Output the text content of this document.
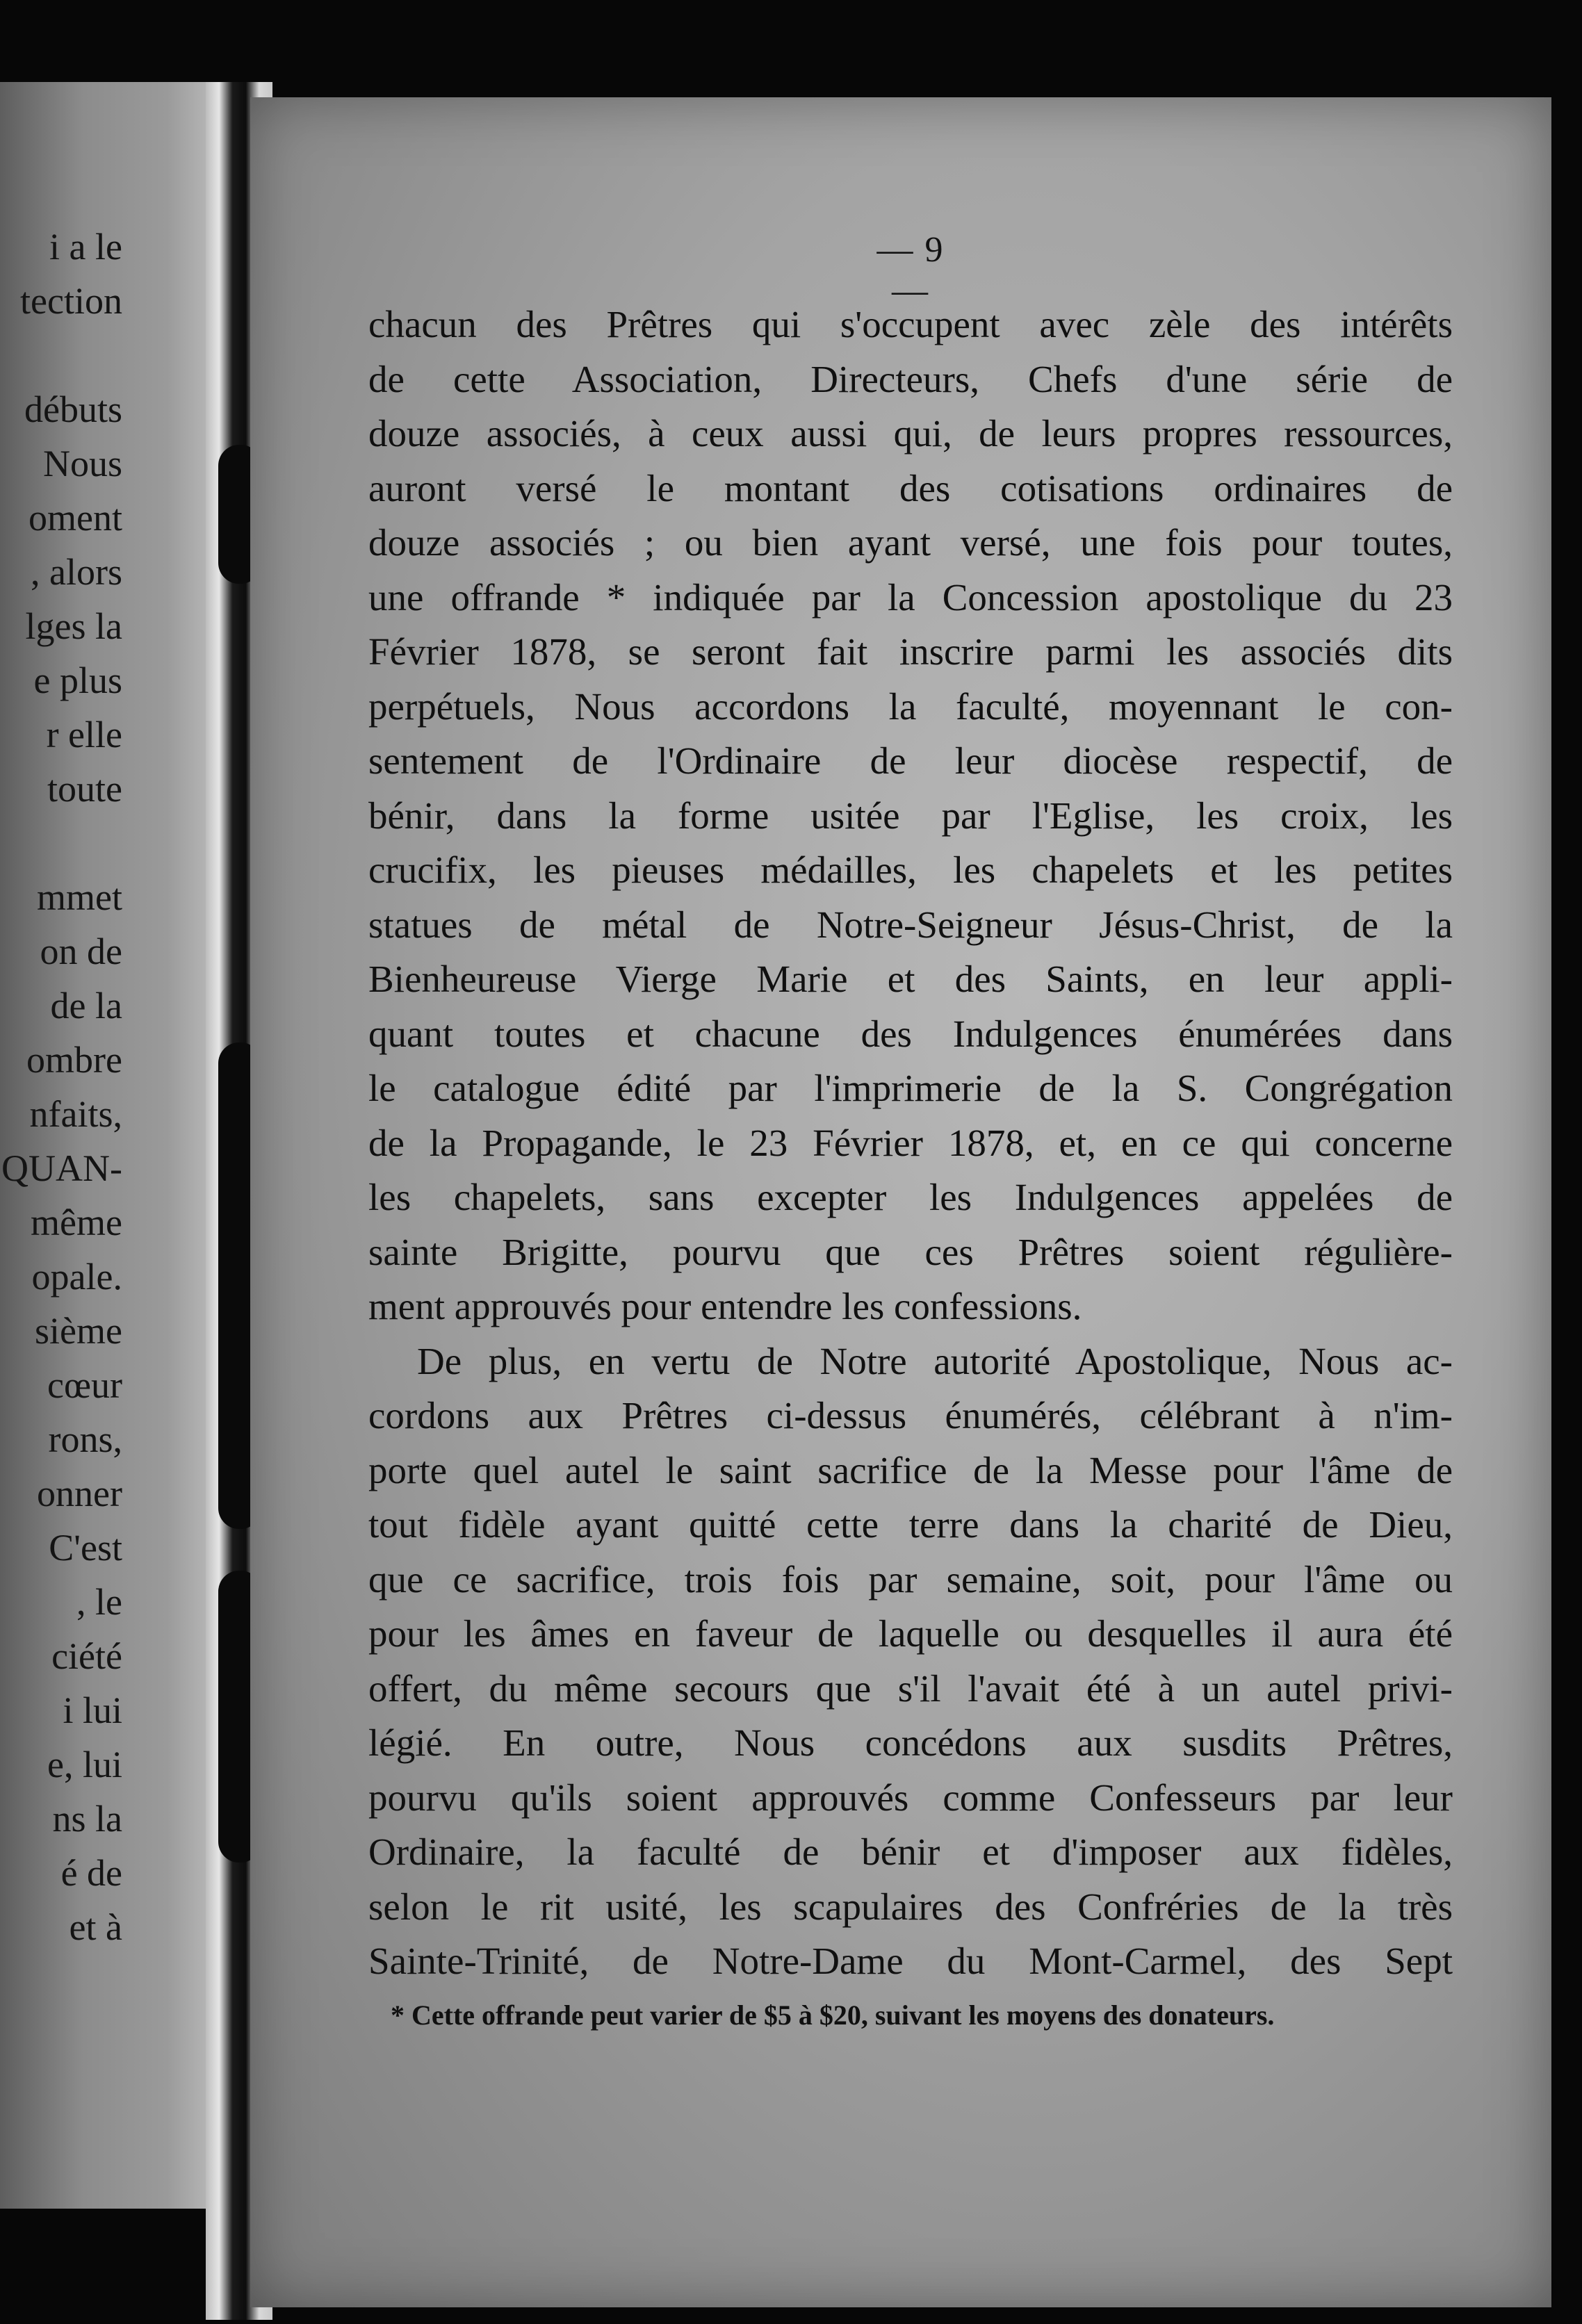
i a le
tection
débuts
Nous
oment
, alors
lges la
e plus
r elle
toute
mmet
on de
de la
ombre
nfaits,
QUAN-
même
opale.
sième
cœur
rons,
onner
C'est
, le
ciété
i lui
e, lui
ns la
é de
et à
— 9 —
chacun des Prêtres qui s'occupent avec zèle des intérêts
de cette Association, Directeurs, Chefs d'une série de
douze associés, à ceux aussi qui, de leurs propres ressources,
auront versé le montant des cotisations ordinaires de
douze associés ; ou bien ayant versé, une fois pour toutes,
une offrande * indiquée par la Concession apostolique du 23
Février 1878, se seront fait inscrire parmi les associés dits
perpétuels, Nous accordons la faculté, moyennant le con-
sentement de l'Ordinaire de leur diocèse respectif, de
bénir, dans la forme usitée par l'Eglise, les croix, les
crucifix, les pieuses médailles, les chapelets et les petites
statues de métal de Notre-Seigneur Jésus-Christ, de la
Bienheureuse Vierge Marie et des Saints, en leur appli-
quant toutes et chacune des Indulgences énumérées dans
le catalogue édité par l'imprimerie de la S. Congrégation
de la Propagande, le 23 Février 1878, et, en ce qui concerne
les chapelets, sans excepter les Indulgences appelées de
sainte Brigitte, pourvu que ces Prêtres soient régulière-
ment approuvés pour entendre les confessions.
De plus, en vertu de Notre autorité Apostolique, Nous ac-
cordons aux Prêtres ci-dessus énumérés, célébrant à n'im-
porte quel autel le saint sacrifice de la Messe pour l'âme de
tout fidèle ayant quitté cette terre dans la charité de Dieu,
que ce sacrifice, trois fois par semaine, soit, pour l'âme ou
pour les âmes en faveur de laquelle ou desquelles il aura été
offert, du même secours que s'il l'avait été à un autel privi-
légié. En outre, Nous concédons aux susdits Prêtres,
pourvu qu'ils soient approuvés comme Confesseurs par leur
Ordinaire, la faculté de bénir et d'imposer aux fidèles,
selon le rit usité, les scapulaires des Confréries de la très
Sainte-Trinité, de Notre-Dame du Mont-Carmel, des Sept
* Cette offrande peut varier de $5 à $20, suivant les moyens des donateurs.
